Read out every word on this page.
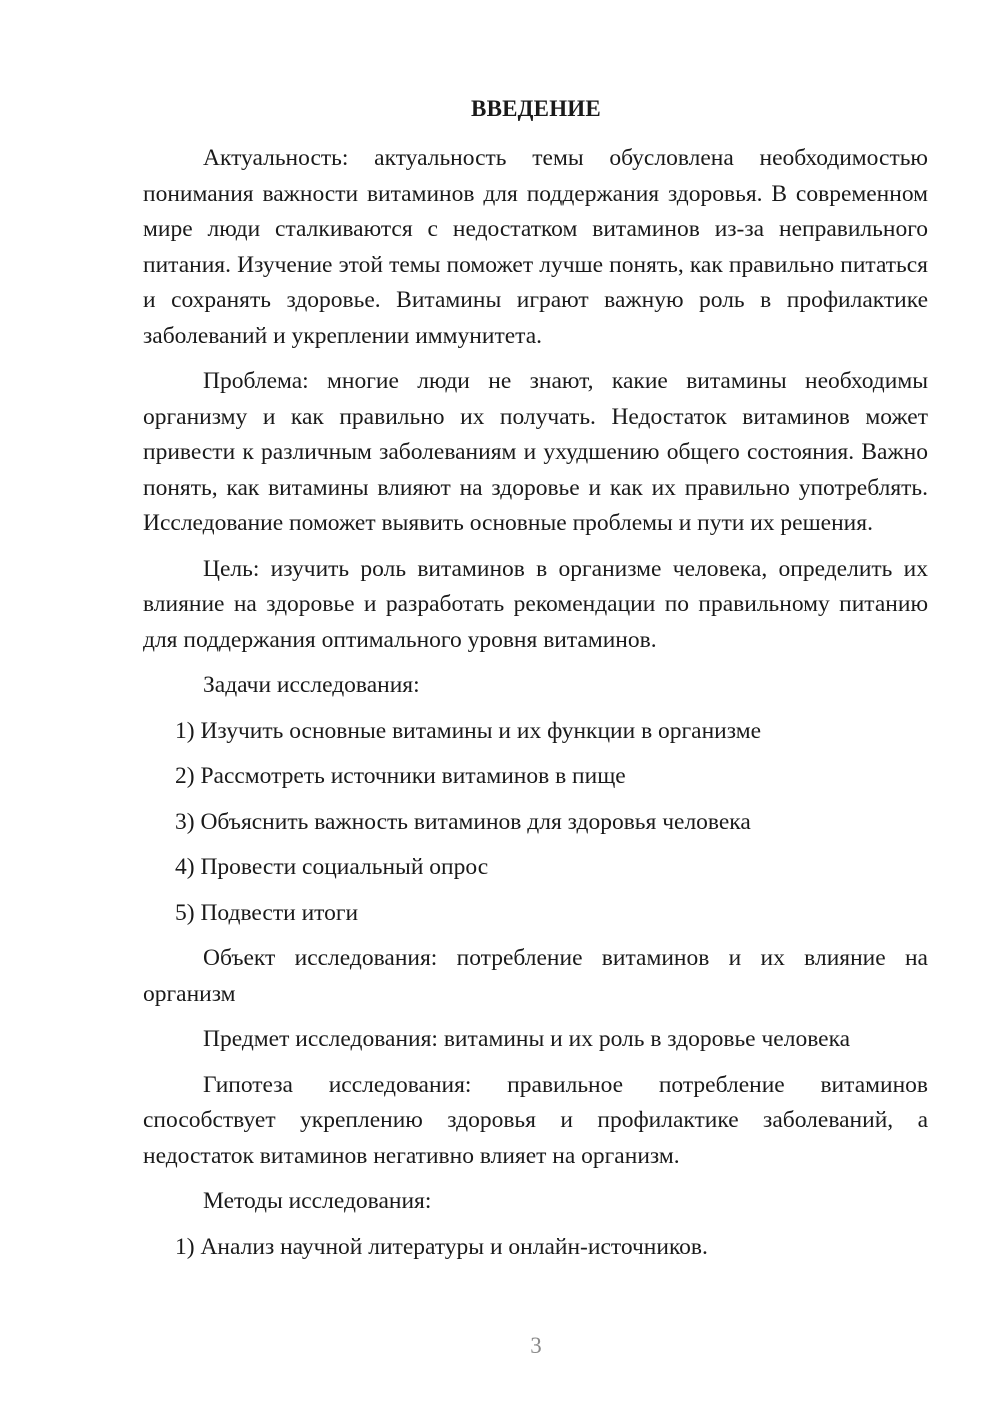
ВВЕДЕНИЕ

Актуальность: актуальность темы обусловлена необходимостью понимания важности витаминов для поддержания здоровья. В современном мире люди сталкиваются с недостатком витаминов из-за неправильного питания. Изучение этой темы поможет лучше понять, как правильно питаться и сохранять здоровье. Витамины играют важную роль в профилактике заболеваний и укреплении иммунитета.

Проблема: многие люди не знают, какие витамины необходимы организму и как правильно их получать. Недостаток витаминов может привести к различным заболеваниям и ухудшению общего состояния. Важно понять, как витамины влияют на здоровье и как их правильно употреблять. Исследование поможет выявить основные проблемы и пути их решения.

Цель: изучить роль витаминов в организме человека, определить их влияние на здоровье и разработать рекомендации по правильному питанию для поддержания оптимального уровня витаминов.

Задачи исследования:

1) Изучить основные витамины и их функции в организме

2) Рассмотреть источники витаминов в пище

3) Объяснить важность витаминов для здоровья человека

4) Провести социальный опрос

5) Подвести итоги

Объект исследования: потребление витаминов и их влияние на организм

Предмет исследования: витамины и их роль в здоровье человека

Гипотеза исследования: правильное потребление витаминов способствует укреплению здоровья и профилактике заболеваний, а недостаток витаминов негативно влияет на организм.

Методы исследования:

1) Анализ научной литературы и онлайн-источников.

3
